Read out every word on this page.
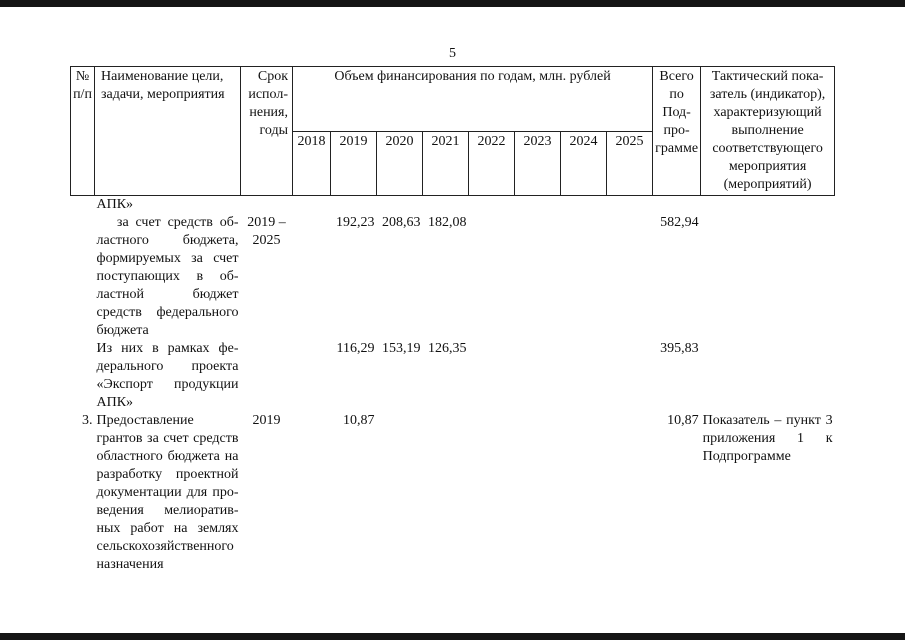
5
№ п/п	Наименование цели, задачи, мероприятия	Срок исполнения, годы	Объем финансирования по годам, млн. рублей								Всего по Подпрограмме	Тактический показатель (индикатор), характеризующий выполнение соответствующего мероприятия (мероприятий)
			2018	2019	2020	2021	2022	2023	2024	2025		
	АПК»											
	за счет средств областного бюджета, формируемых за счет поступающих в областной бюджет средств федерального бюджета	2019 – 2025		192,23	208,63	182,08					582,94	
	Из них в рамках федерального проекта «Экспорт продукции АПК»			116,29	153,19	126,35					395,83	
3.	Предоставление грантов за счет средств областного бюджета на разработку проектной документации для проведения мелиоративных работ на землях сельскохозяйственного назначения	2019		10,87							10,87	Показатель – пункт 3 приложения 1 к Подпрограмме
